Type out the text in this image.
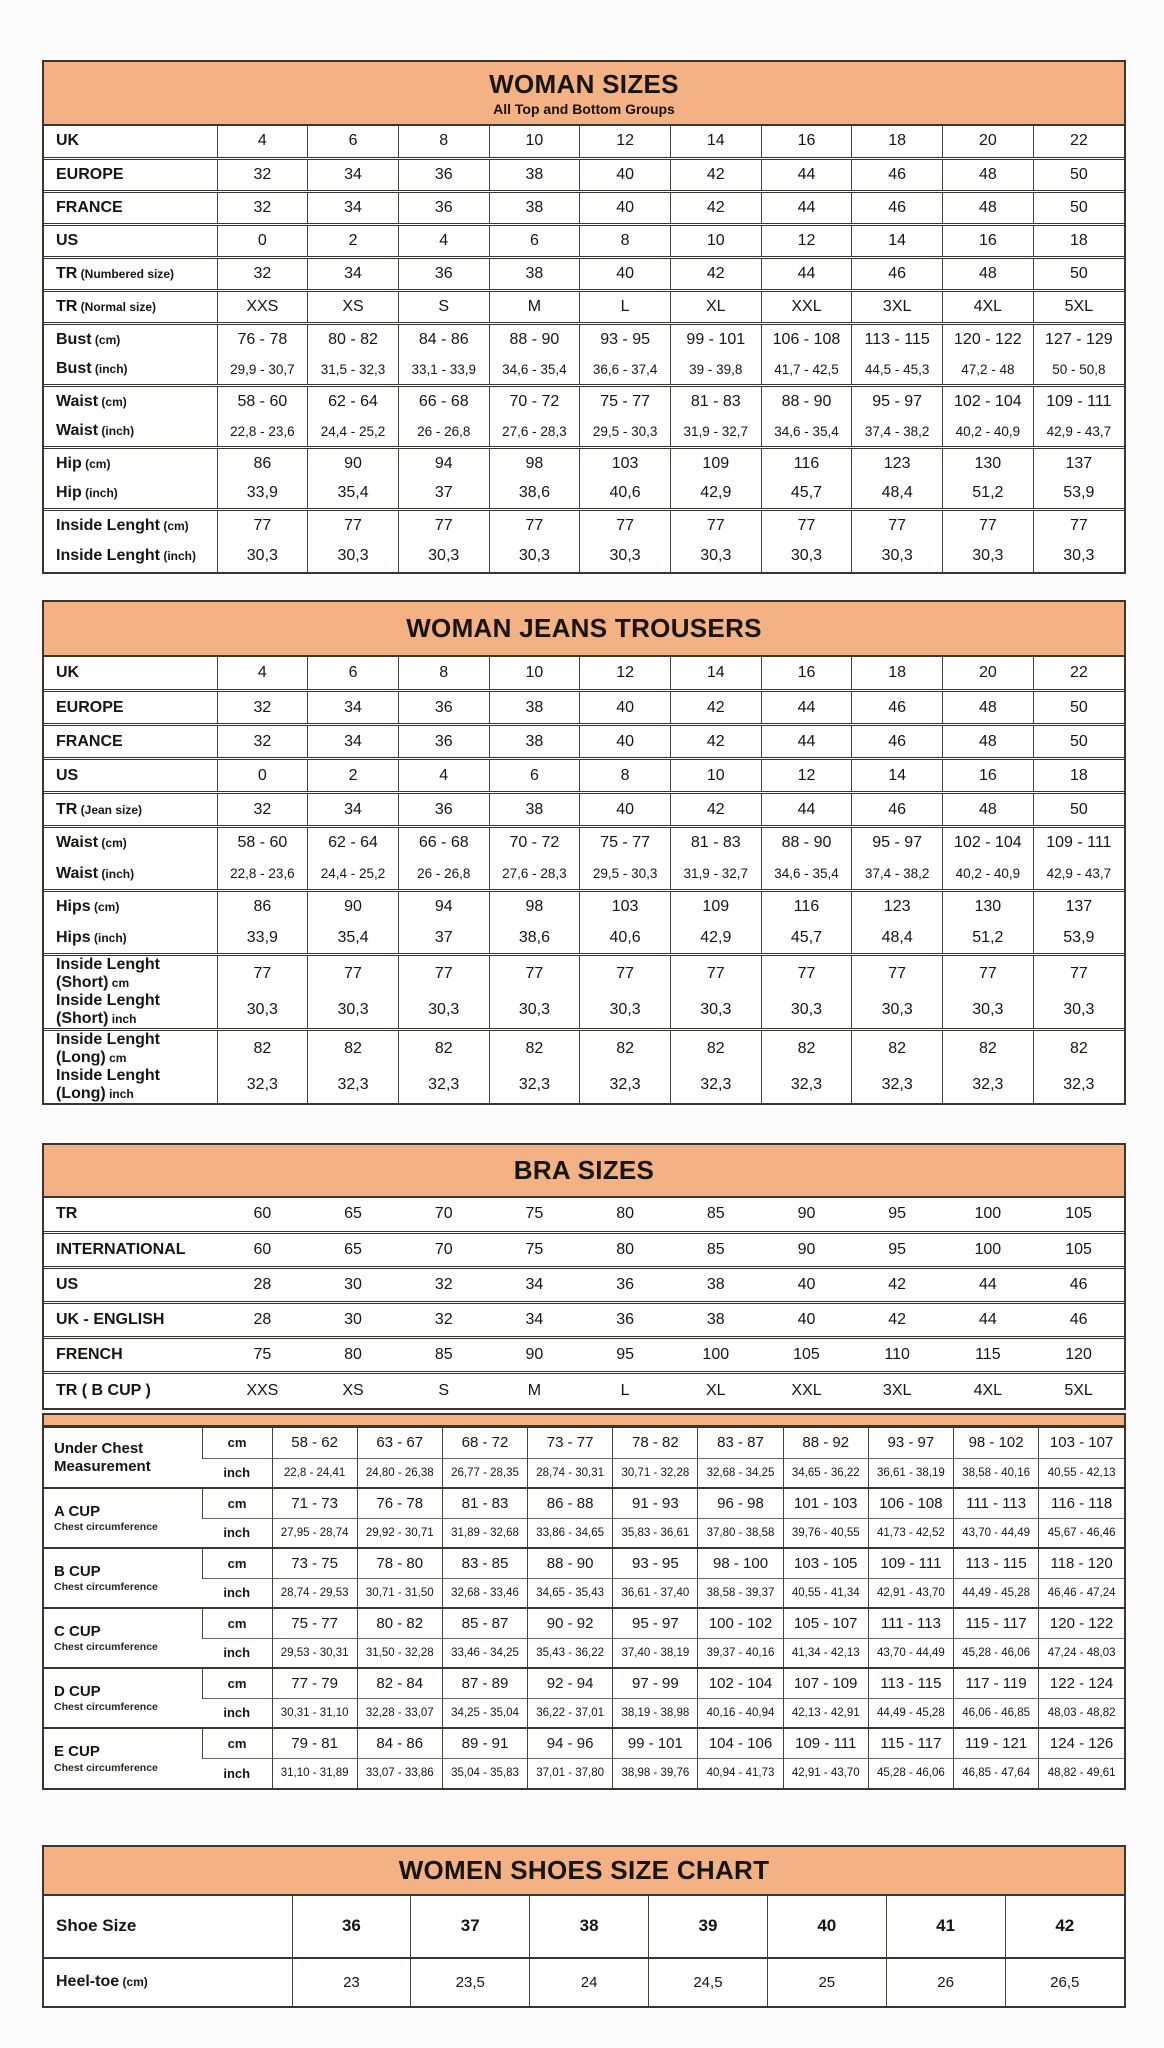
WOMAN SIZES
All Top and Bottom Groups
UK	4	6	8	10	12	14	16	18	20	22
EUROPE	32	34	36	38	40	42	44	46	48	50
FRANCE	32	34	36	38	40	42	44	46	48	50
US	0	2	4	6	8	10	12	14	16	18
TR (Numbered size)	32	34	36	38	40	42	44	46	48	50
TR (Normal size)	XXS	XS	S	M	L	XL	XXL	3XL	4XL	5XL
Bust (cm)	76 - 78	80 - 82	84 - 86	88 - 90	93 - 95	99 - 101	106 - 108	113 - 115	120 - 122	127 - 129
Bust (inch)	29,9 - 30,7	31,5 - 32,3	33,1 - 33,9	34,6 - 35,4	36,6 - 37,4	39 - 39,8	41,7 - 42,5	44,5 - 45,3	47,2 - 48	50 - 50,8
Waist (cm)	58 - 60	62 - 64	66 - 68	70 - 72	75 - 77	81 - 83	88 - 90	95 - 97	102 - 104	109 - 111
Waist (inch)	22,8 - 23,6	24,4 - 25,2	26 - 26,8	27,6 - 28,3	29,5 - 30,3	31,9 - 32,7	34,6 - 35,4	37,4 - 38,2	40,2 - 40,9	42,9 - 43,7
Hip (cm)	86	90	94	98	103	109	116	123	130	137
Hip (inch)	33,9	35,4	37	38,6	40,6	42,9	45,7	48,4	51,2	53,9
Inside Lenght (cm)	77	77	77	77	77	77	77	77	77	77
Inside Lenght (inch)	30,3	30,3	30,3	30,3	30,3	30,3	30,3	30,3	30,3	30,3
WOMAN JEANS TROUSERS
UK	4	6	8	10	12	14	16	18	20	22
EUROPE	32	34	36	38	40	42	44	46	48	50
FRANCE	32	34	36	38	40	42	44	46	48	50
US	0	2	4	6	8	10	12	14	16	18
TR (Jean size)	32	34	36	38	40	42	44	46	48	50
Waist (cm)	58 - 60	62 - 64	66 - 68	70 - 72	75 - 77	81 - 83	88 - 90	95 - 97	102 - 104	109 - 111
Waist (inch)	22,8 - 23,6	24,4 - 25,2	26 - 26,8	27,6 - 28,3	29,5 - 30,3	31,9 - 32,7	34,6 - 35,4	37,4 - 38,2	40,2 - 40,9	42,9 - 43,7
Hips (cm)	86	90	94	98	103	109	116	123	130	137
Hips (inch)	33,9	35,4	37	38,6	40,6	42,9	45,7	48,4	51,2	53,9
Inside Lenght (Short) cm	77	77	77	77	77	77	77	77	77	77
Inside Lenght (Short) inch	30,3	30,3	30,3	30,3	30,3	30,3	30,3	30,3	30,3	30,3
Inside Lenght (Long) cm	82	82	82	82	82	82	82	82	82	82
Inside Lenght (Long) inch	32,3	32,3	32,3	32,3	32,3	32,3	32,3	32,3	32,3	32,3
BRA SIZES
TR	60	65	70	75	80	85	90	95	100	105
INTERNATIONAL	60	65	70	75	80	85	90	95	100	105
US	28	30	32	34	36	38	40	42	44	46
UK - ENGLISH	28	30	32	34	36	38	40	42	44	46
FRENCH	75	80	85	90	95	100	105	110	115	120
TR ( B CUP )	XXS	XS	S	M	L	XL	XXL	3XL	4XL	5XL
Under Chest Measurement	cm	58 - 62	63 - 67	68 - 72	73 - 77	78 - 82	83 - 87	88 - 92	93 - 97	98 - 102	103 - 107
	inch	22,8 - 24,41	24,80 - 26,38	26,77 - 28,35	28,74 - 30,31	30,71 - 32,28	32,68 - 34,25	34,65 - 36,22	36,61 - 38,19	38,58 - 40,16	40,55 - 42,13

A CUP
Chest circumference	cm	71 - 73	76 - 78	81 - 83	86 - 88	91 - 93	96 - 98	101 - 103	106 - 108	111 - 113	116 - 118
	inch	27,95 - 28,74	29,92 - 30,71	31,89 - 32,68	33,86 - 34,65	35,83 - 36,61	37,80 - 38,58	39,76 - 40,55	41,73 - 42,52	43,70 - 44,49	45,67 - 46,46

B CUP
Chest circumference	cm	73 - 75	78 - 80	83 - 85	88 - 90	93 - 95	98 - 100	103 - 105	109 - 111	113 - 115	118 - 120
	inch	28,74 - 29,53	30,71 - 31,50	32,68 - 33,46	34,65 - 35,43	36,61 - 37,40	38,58 - 39,37	40,55 - 41,34	42,91 - 43,70	44,49 - 45,28	46,46 - 47,24

C CUP
Chest circumference	cm	75 - 77	80 - 82	85 - 87	90 - 92	95 - 97	100 - 102	105 - 107	111 - 113	115 - 117	120 - 122
	inch	29,53 - 30,31	31,50 - 32,28	33,46 - 34,25	35,43 - 36,22	37,40 - 38,19	39,37 - 40,16	41,34 - 42,13	43,70 - 44,49	45,28 - 46,06	47,24 - 48,03

D CUP
Chest circumference	cm	77 - 79	82 - 84	87 - 89	92 - 94	97 - 99	102 - 104	107 - 109	113 - 115	117 - 119	122 - 124
	inch	30,31 - 31,10	32,28 - 33,07	34,25 - 35,04	36,22 - 37,01	38,19 - 38,98	40,16 - 40,94	42,13 - 42,91	44,49 - 45,28	46,06 - 46,85	48,03 - 48,82

E CUP
Chest circumference	cm	79 - 81	84 - 86	89 - 91	94 - 96	99 - 101	104 - 106	109 - 111	115 - 117	119 - 121	124 - 126
	inch	31,10 - 31,89	33,07 - 33,86	35,04 - 35,83	37,01 - 37,80	38,98 - 39,76	40,94 - 41,73	42,91 - 43,70	45,28 - 46,06	46,85 - 47,64	48,82 - 49,61
WOMEN SHOES SIZE CHART
Shoe Size	36	37	38	39	40	41	42
Heel-toe (cm)	23	23,5	24	24,5	25	26	26,5
